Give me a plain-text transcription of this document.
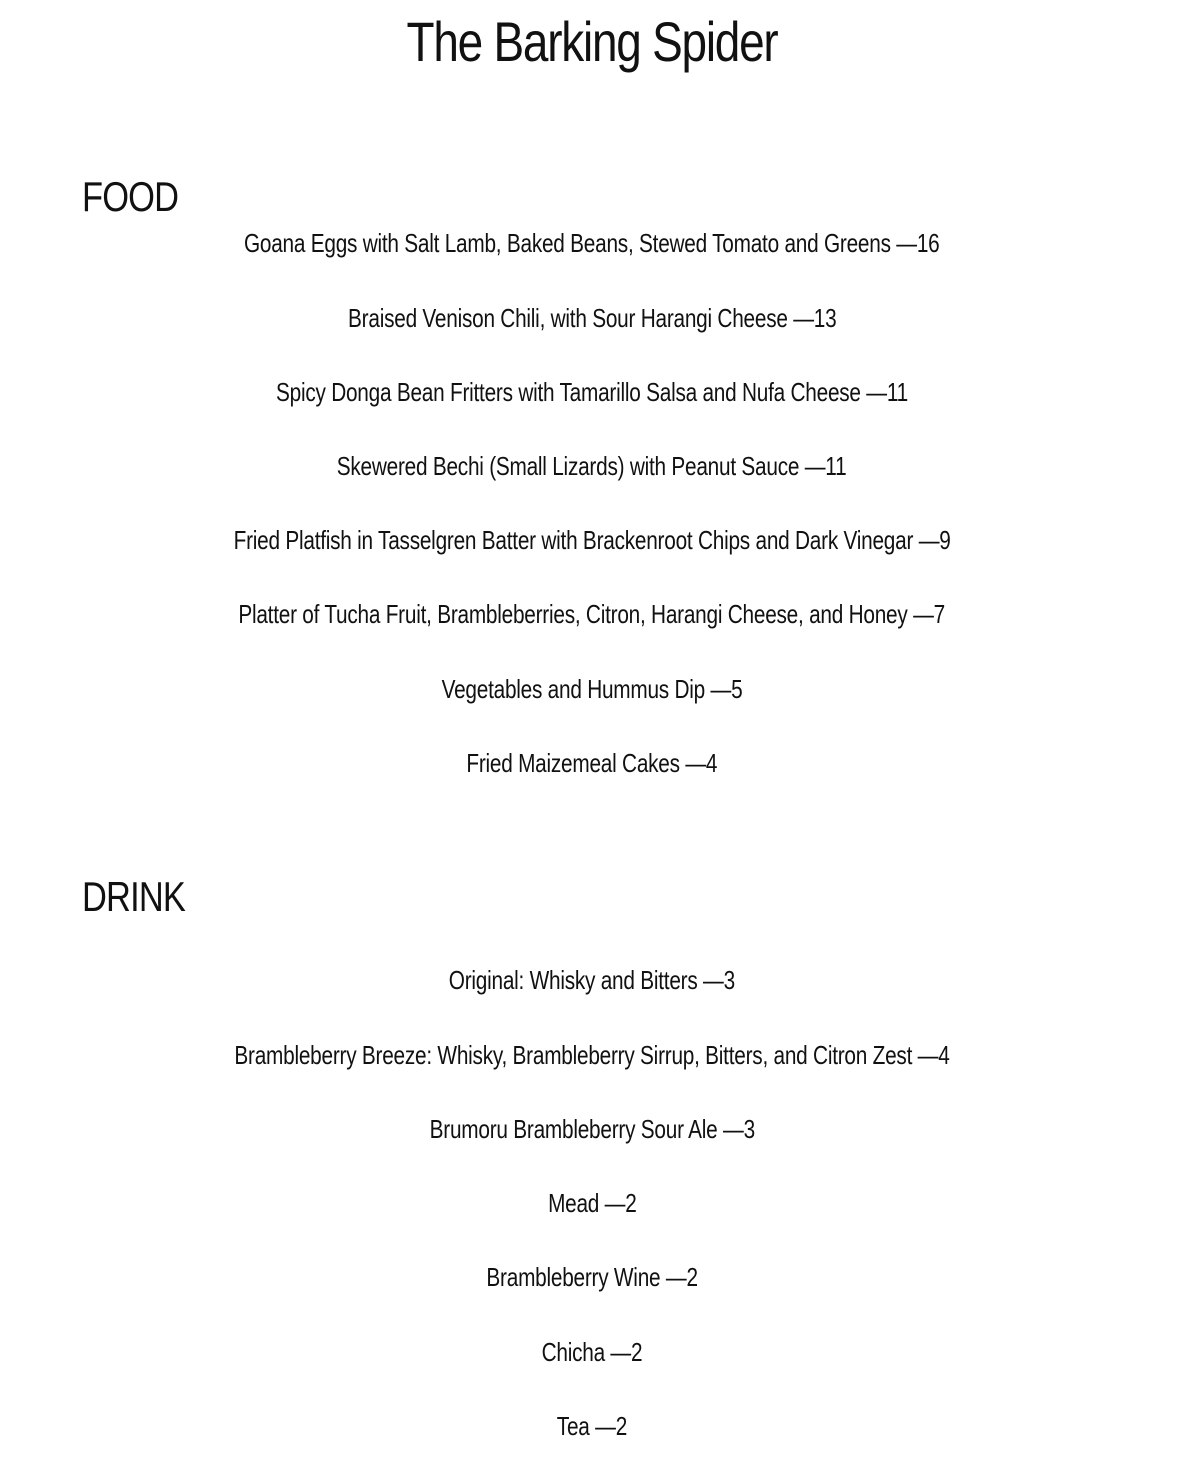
The Barking Spider
FOOD
Goana Eggs with Salt Lamb, Baked Beans, Stewed Tomato and Greens —16
Braised Venison Chili, with Sour Harangi Cheese —13
Spicy Donga Bean Fritters with Tamarillo Salsa and Nufa Cheese —11
Skewered Bechi (Small Lizards) with Peanut Sauce —11
Fried Platfish in Tasselgren Batter with Brackenroot Chips and Dark Vinegar —9
Platter of Tucha Fruit, Brambleberries, Citron, Harangi Cheese, and Honey —7
Vegetables and Hummus Dip —5
Fried Maizemeal Cakes —4
DRINK
Original: Whisky and Bitters —3
Brambleberry Breeze: Whisky, Brambleberry Sirrup, Bitters, and Citron Zest —4
Brumoru Brambleberry Sour Ale —3
Mead —2
Brambleberry Wine —2
Chicha —2
Tea —2
